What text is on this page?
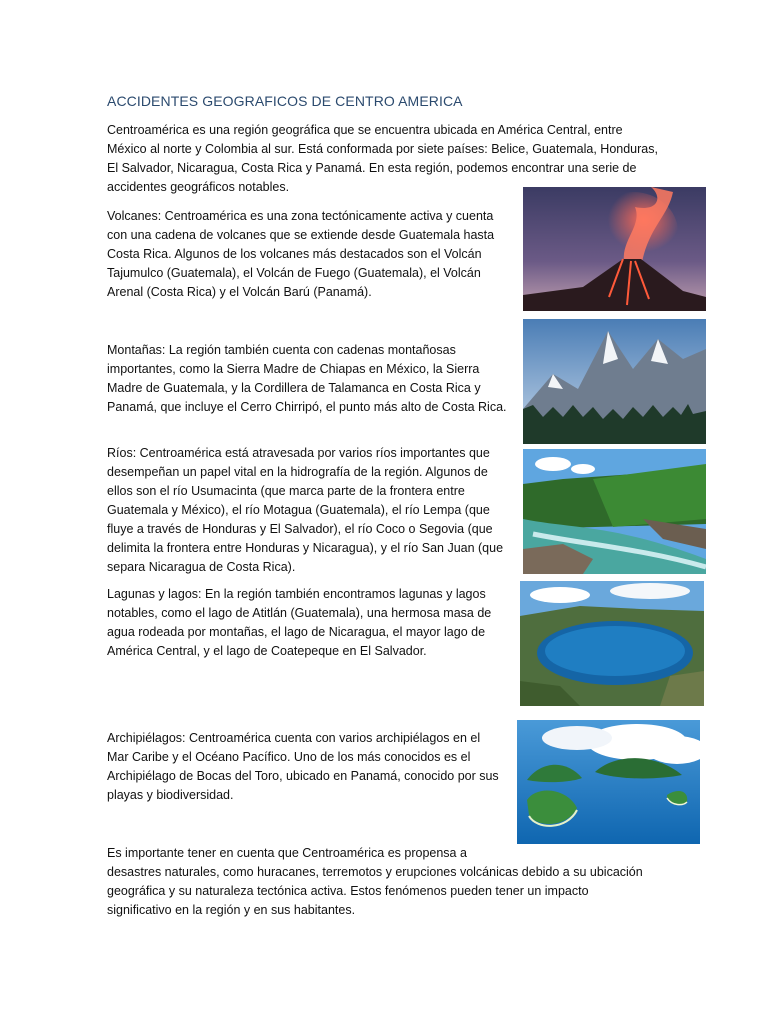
ACCIDENTES GEOGRAFICOS DE CENTRO AMERICA
Centroamérica es una región geográfica que se encuentra ubicada en América Central, entre
México al norte y Colombia al sur. Está conformada por siete países: Belice, Guatemala, Honduras,
El Salvador, Nicaragua, Costa Rica y Panamá. En esta región, podemos encontrar una serie de
accidentes geográficos notables.
Volcanes: Centroamérica es una zona tectónicamente activa y cuenta
con una cadena de volcanes que se extiende desde Guatemala hasta
Costa Rica. Algunos de los volcanes más destacados son el Volcán
Tajumulco (Guatemala), el Volcán de Fuego (Guatemala), el Volcán
Arenal (Costa Rica) y el Volcán Barú (Panamá).
Montañas: La región también cuenta con cadenas montañosas
importantes, como la Sierra Madre de Chiapas en México, la Sierra
Madre de Guatemala, y la Cordillera de Talamanca en Costa Rica y
Panamá, que incluye el Cerro Chirripó, el punto más alto de Costa Rica.
Ríos: Centroamérica está atravesada por varios ríos importantes que
desempeñan un papel vital en la hidrografía de la región. Algunos de
ellos son el río Usumacinta (que marca parte de la frontera entre
Guatemala y México), el río Motagua (Guatemala), el río Lempa (que
fluye a través de Honduras y El Salvador), el río Coco o Segovia (que
delimita la frontera entre Honduras y Nicaragua), y el río San Juan (que
separa Nicaragua de Costa Rica).
Lagunas y lagos: En la región también encontramos lagunas y lagos
notables, como el lago de Atitlán (Guatemala), una hermosa masa de
agua rodeada por montañas, el lago de Nicaragua, el mayor lago de
América Central, y el lago de Coatepeque en El Salvador.
Archipiélagos: Centroamérica cuenta con varios archipiélagos en el
Mar Caribe y el Océano Pacífico. Uno de los más conocidos es el
Archipiélago de Bocas del Toro, ubicado en Panamá, conocido por sus
playas y biodiversidad.
Es importante tener en cuenta que Centroamérica es propensa a
desastres naturales, como huracanes, terremotos y erupciones volcánicas debido a su ubicación
geográfica y su naturaleza tectónica activa. Estos fenómenos pueden tener un impacto
significativo en la región y en sus habitantes.
